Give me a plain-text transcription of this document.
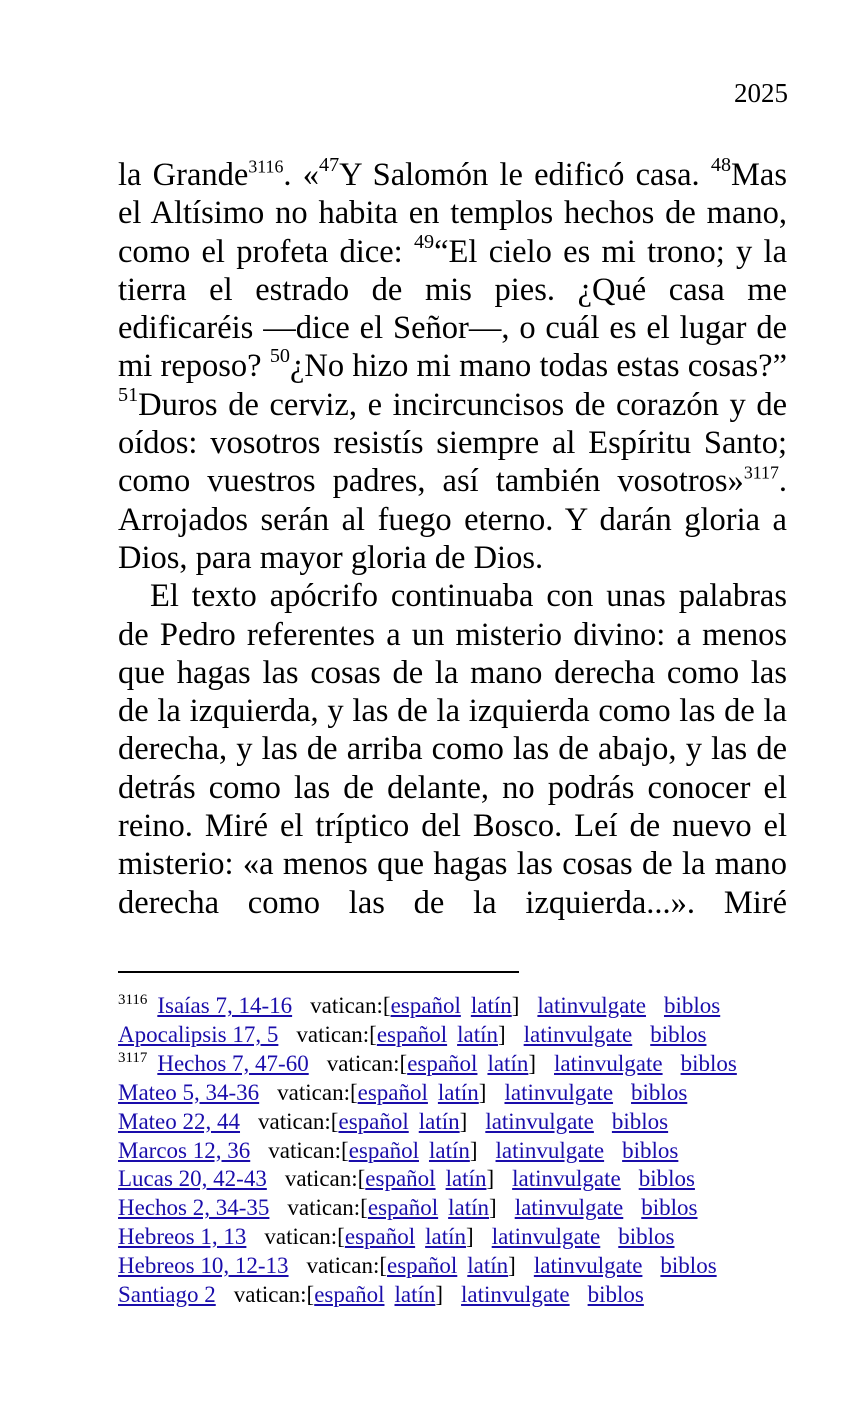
2025

la Grande$^{3116}$. «$^{47}$Y Salomón le edificó casa. $^{48}$Mas el Altísimo no habita en templos hechos de mano, como el profeta dice: $^{49}$“El cielo es mi trono; y la tierra el estrado de mis pies. ¿Qué casa me edificaréis —dice el Señor—, o cuál es el lugar de mi reposo? $^{50}$¿No hizo mi mano todas estas cosas?” $^{51}$Duros de cerviz, e incircuncisos de corazón y de oídos: vosotros resistís siempre al Espíritu Santo; como vuestros padres, así también vosotros»$^{3117}$. Arrojados serán al fuego eterno. Y darán gloria a Dios, para mayor gloria de Dios.

El texto apócrifo continuaba con unas palabras de Pedro referentes a un misterio divino: a menos que hagas las cosas de la mano derecha como las de la izquierda, y las de la izquierda como las de la derecha, y las de arriba como las de abajo, y las de detrás como las de delante, no podrás conocer el reino. Miré el tríptico del Bosco. Leí de nuevo el misterio: «a menos que hagas las cosas de la mano derecha como las de la izquierda...». Miré

$^{3116}$ Isaías 7, 14-16 vatican:[español latín] latinvulgate biblos
Apocalipsis 17, 5 vatican:[español latín] latinvulgate biblos
$^{3117}$ Hechos 7, 47-60 vatican:[español latín] latinvulgate biblos
Mateo 5, 34-36 vatican:[español latín] latinvulgate biblos
Mateo 22, 44 vatican:[español latín] latinvulgate biblos
Marcos 12, 36 vatican:[español latín] latinvulgate biblos
Lucas 20, 42-43 vatican:[español latín] latinvulgate biblos
Hechos 2, 34-35 vatican:[español latín] latinvulgate biblos
Hebreos 1, 13 vatican:[español latín] latinvulgate biblos
Hebreos 10, 12-13 vatican:[español latín] latinvulgate biblos
Santiago 2 vatican:[español latín] latinvulgate biblos
